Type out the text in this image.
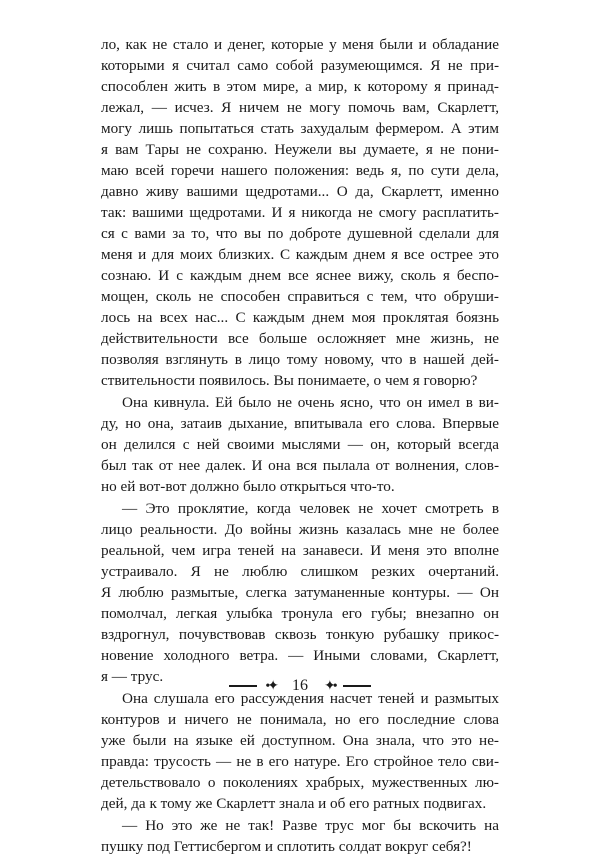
ло, как не стало и денег, которые у меня были и обладание
которыми я считал само собой разумеющимся. Я не при-
способлен жить в этом мире, а мир, к которому я принад-
лежал, — исчез. Я ничем не могу помочь вам, Скарлетт,
могу лишь попытаться стать захудалым фермером. А этим
я вам Тары не сохраню. Неужели вы думаете, я не пони-
маю всей горечи нашего положения: ведь я, по сути дела,
давно живу вашими щедротами... О да, Скарлетт, именно
так: вашими щедротами. И я никогда не смогу расплатить-
ся с вами за то, что вы по доброте душевной сделали для
меня и для моих близких. С каждым днем я все острее это
сознаю. И с каждым днем все яснее вижу, сколь я беспо-
мощен, сколь не способен справиться с тем, что обруши-
лось на всех нас... С каждым днем моя проклятая боязнь
действительности все больше осложняет мне жизнь, не
позволяя взглянуть в лицо тому новому, что в нашей дей-
ствительности появилось. Вы понимаете, о чем я говорю?
Она кивнула. Ей было не очень ясно, что он имел в ви-
ду, но она, затаив дыхание, впитывала его слова. Впервые
он делился с ней своими мыслями — он, который всегда
был так от нее далек. И она вся пылала от волнения, слов-
но ей вот-вот должно было открыться что-то.
— Это проклятие, когда человек не хочет смотреть в
лицо реальности. До войны жизнь казалась мне не более
реальной, чем игра теней на занавеси. И меня это вполне
устраивало. Я не люблю слишком резких очертаний.
Я люблю размытые, слегка затуманенные контуры. — Он
помолчал, легкая улыбка тронула его губы; внезапно он
вздрогнул, почувствовав сквозь тонкую рубашку прикос-
новение холодного ветра. — Иными словами, Скарлетт,
я — трус.
Она слушала его рассуждения насчет теней и размытых
контуров и ничего не понимала, но его последние слова
уже были на языке ей доступном. Она знала, что это не-
правда: трусость — не в его натуре. Его стройное тело сви-
детельствовало о поколениях храбрых, мужественных лю-
дей, да к тому же Скарлетт знала и об его ратных подвигах.
— Но это же не так! Разве трус мог бы вскочить на
пушку под Геттисбергом и сплотить солдат вокруг себя?!
•✦ 16 ✦•
